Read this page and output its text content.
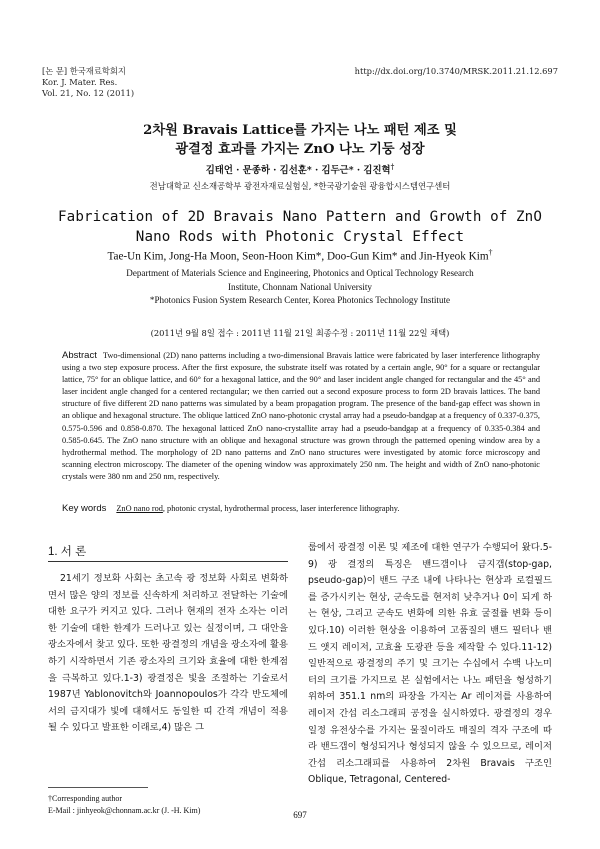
[논 문] 한국재료학회지
Kor. J. Mater. Res.
Vol. 21, No. 12 (2011)
http://dx.doi.org/10.3740/MRSK.2011.21.12.697
2차원 Bravais Lattice를 가지는 나노 패턴 제조 및
광결정 효과를 가지는 ZnO 나노 기둥 성장
김태언 · 문종하 · 김선훈* · 김두근* · 김진혁†
전남대학교 신소재공학부 광전자재료실험실, *한국광기술원 광융합시스템연구센터
Fabrication of 2D Bravais Nano Pattern and Growth of ZnO
Nano Rods with Photonic Crystal Effect
Tae-Un Kim, Jong-Ha Moon, Seon-Hoon Kim*, Doo-Gun Kim* and Jin-Hyeok Kim†
Department of Materials Science and Engineering, Photonics and Optical Technology Research
Institute, Chonnam National University
*Photonics Fusion System Research Center, Korea Photonics Technology Institute
(2011년 9월 8일 접수 : 2011년 11월 21일 최종수정 : 2011년 11월 22일 채택)
Abstract Two-dimensional (2D) nano patterns including a two-dimensional Bravais lattice were fabricated by laser interference lithography using a two step exposure process. After the first exposure, the substrate itself was rotated by a certain angle, 90° for a square or rectangular lattice, 75° for an oblique lattice, and 60° for a hexagonal lattice, and the 90° and laser incident angle changed for rectangular and the 45° and laser incident angle changed for a centered rectangular; we then carried out a second exposure process to form 2D bravais lattices. The band structure of five different 2D nano patterns was simulated by a beam propagation program. The presence of the band-gap effect was shown in an oblique and hexagonal structure. The oblique latticed ZnO nano-photonic crystal array had a pseudo-bandgap at a frequency of 0.337-0.375, 0.575-0.596 and 0.858-0.870. The hexagonal latticed ZnO nano-crystallite array had a pseudo-bandgap at a frequency of 0.335-0.384 and 0.585-0.645. The ZnO nano structure with an oblique and hexagonal structure was grown through the patterned opening window area by a hydrothermal method. The morphology of 2D nano patterns and ZnO nano structures were investigated by atomic force microscopy and scanning electron microscopy. The diameter of the opening window was approximately 250 nm. The height and width of ZnO nano-photonic crystals were 380 nm and 250 nm, respectively.
Key words ZnO nano rod, photonic crystal, hydrothermal process, laser interference lithography.
1. 서 론
21세기 정보화 사회는 초고속 광 정보화 사회로 변화하면서 많은 양의 정보를 신속하게 처리하고 전달하는 기술에 대한 요구가 커지고 있다. 그러나 현재의 전자 소자는 이러한 기술에 대한 한계가 드러나고 있는 실정이며, 그 대안을 광소자에서 찾고 있다. 또한 광결정의 개념을 광소자에 활용하기 시작하면서 기존 광소자의 크기와 효율에 대한 한계점을 극복하고 있다.1-3) 광결정은 빛을 조절하는 기술로서 1987년 Yablonovitch와 Joannopoulos가 각각 반도체에서의 금지대가 빛에 대해서도 동일한 띠 간격 개념이 적용 될 수 있다고 발표한 이래로,4) 많은 그
룹에서 광결정 이론 및 제조에 대한 연구가 수행되어 왔다.5-9) 광 결정의 특징은 밴드갭이나 금지갭(stop-gap, pseudo-gap)이 밴드 구조 내에 나타나는 현상과 로컬필드를 증가시키는 현상, 군속도를 현저히 낮추거나 0이 되게 하는 현상, 그리고 군속도 변화에 의한 유효 굴절률 변화 등이 있다.10) 이러한 현상을 이용하여 고품질의 밴드 필터나 밴드 앳지 레이저, 고효율 도광관 등을 제작할 수 있다.11-12) 일반적으로 광결정의 주기 및 크기는 수십에서 수백 나노미터의 크기를 가지므로 본 실험에서는 나노 패턴을 형성하기 위하여 351.1 nm의 파장을 가지는 Ar 레이저를 사용하여 레이저 간섭 리소그래피 공정을 실시하였다. 광결정의 경우 일정 유전상수를 가지는 물질이라도 매질의 격자 구조에 따라 밴드갭이 형성되거나 형성되지 않을 수 있으므로, 레이저 간섭 리소그래피를 사용하여 2차원 Bravais 구조인 Oblique, Tetragonal, Centered-
†Corresponding author
E-Mail : jinhyeok@chonnam.ac.kr (J. -H. Kim)	697
